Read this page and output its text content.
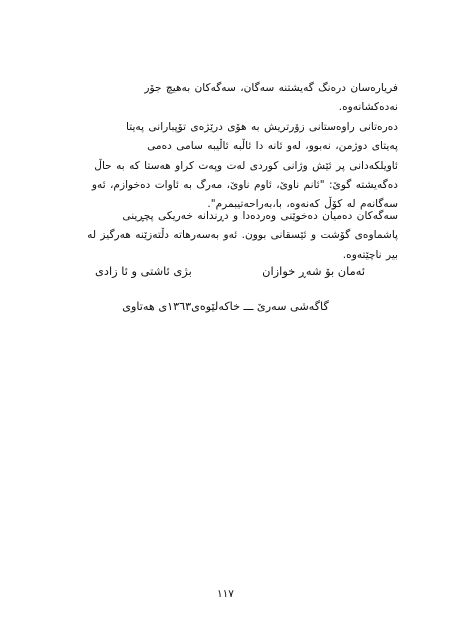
فریارەسان درەنگ گەیشتنە سەگان، سەگەکان بەهیچ جۆر
نەدەکشانەوە.
دەرەتانی راوەستانی زۆرتریش بە هۆی درێژەی تۆپبارانی پەیتا
پەیتای دوژمن، نەبوو، لەو ئانە دا ئاڵبە ئاڵیبە سامی دەمی
ئاویلکەدانی پر ئێش وژانی کوردی لەت وپەت کراو هەستا کە بە حاڵ
دەگەیشتە گوێ: "ئانم ناوێ، ئاوم ناوێ، مەرگ بە ئاوات دەخوازم، ئەو
سەگانەم لە کۆڵ کەنەوە، با،بەراحەتیبمرم".
سەگەکان دەمیان دەخوێنی وەردەدا و دڕندانە خەریکی پچڕینی
پاشماوەی گۆشت و ئێسقانی بوون. ئەو بەسەرهاتە دڵتەزێنە هەرگیز لە
بیر ناچێتەوە.
ئەمان بۆ شەڕ خوازان
بژی ئاشتی و ئا زادی
گاگەشی سەرێ ـــ خاکەلێوەی١٣٦٣ی هەتاوی
١١٧
